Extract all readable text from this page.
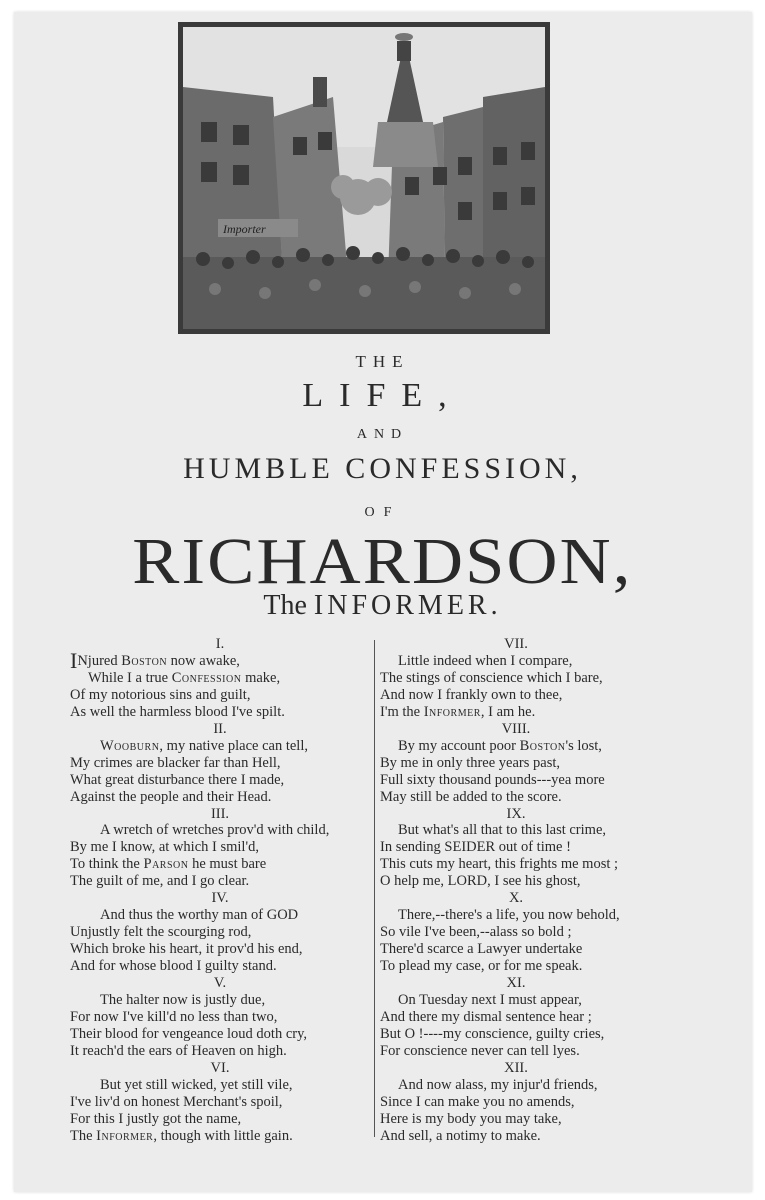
Importer
THE
LIFE,
AND
HUMBLE CONFESSION,
OF
RICHARDSON,
The INFORMER.
I.
INjured Boston now awake,
While I a true Confession make,
Of my notorious sins and guilt,
As well the harmless blood I've spilt.
II.
Wooburn, my native place can tell,
My crimes are blacker far than Hell,
What great disturbance there I made,
Against the people and their Head.
III.
A wretch of wretches prov'd with child,
By me I know, at which I smil'd,
To think the Parson he must bare
The guilt of me, and I go clear.
IV.
And thus the worthy man of GOD
Unjustly felt the scourging rod,
Which broke his heart, it prov'd his end,
And for whose blood I guilty stand.
V.
The halter now is justly due,
For now I've kill'd no less than two,
Their blood for vengeance loud doth cry,
It reach'd the ears of Heaven on high.
VI.
But yet still wicked, yet still vile,
I've liv'd on honest Merchant's spoil,
For this I justly got the name,
The Informer, though with little gain.
VII.
Little indeed when I compare,
The stings of conscience which I bare,
And now I frankly own to thee,
I'm the Informer, I am he.
VIII.
By my account poor Boston's lost,
By me in only three years past,
Full sixty thousand pounds---yea more
May still be added to the score.
IX.
But what's all that to this last crime,
In sending SEIDER out of time !
This cuts my heart, this frights me most ;
O help me, LORD, I see his ghost,
X.
There,--there's a life, you now behold,
So vile I've been,--alass so bold ;
There'd scarce a Lawyer undertake
To plead my case, or for me speak.
XI.
On Tuesday next I must appear,
And there my dismal sentence hear ;
But O !----my conscience, guilty cries,
For conscience never can tell lyes.
XII.
And now alass, my injur'd friends,
Since I can make you no amends,
Here is my body you may take,
And sell, a notimy to make.
